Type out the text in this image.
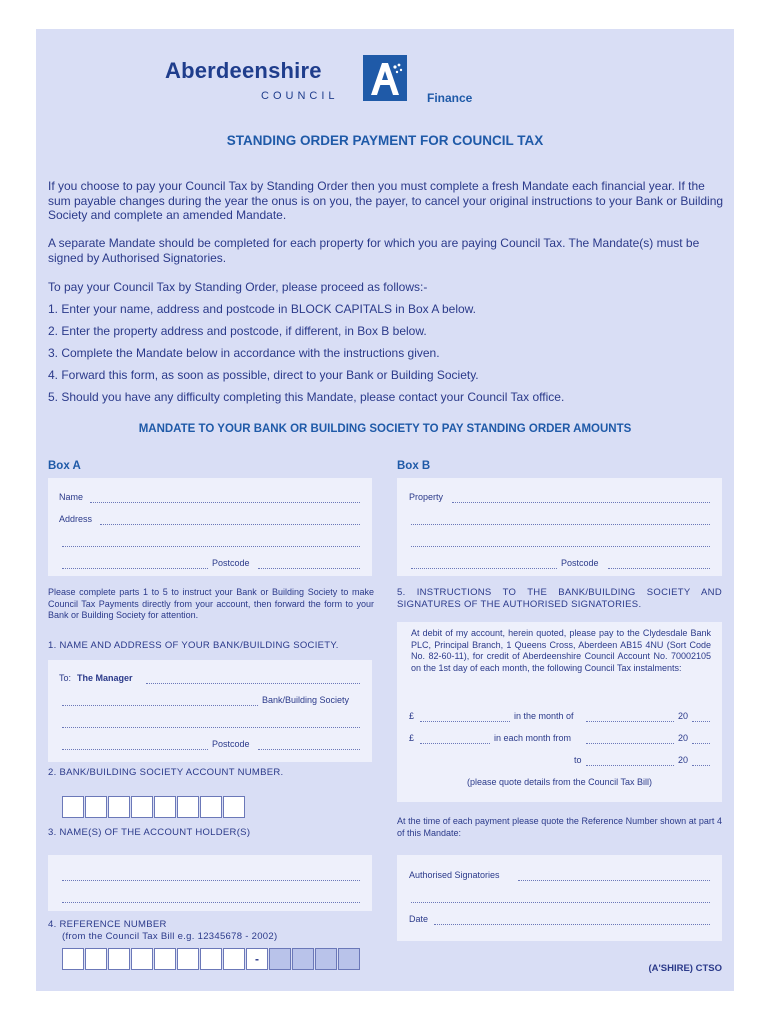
Aberdeenshire
COUNCIL	Finance
STANDING ORDER PAYMENT FOR COUNCIL TAX
If you choose to pay your Council Tax by Standing Order then you must complete a fresh Mandate each financial year. If the sum payable changes during the year the onus is on you, the payer, to cancel your original instructions to your Bank or Building Society and complete an amended Mandate.
A separate Mandate should be completed for each property for which you are paying Council Tax. The Mandate(s) must be signed by Authorised Signatories.
To pay your Council Tax by Standing Order, please proceed as follows:-
1. Enter your name, address and postcode in BLOCK CAPITALS in Box A below.
2. Enter the property address and postcode, if different, in Box B below.
3. Complete the Mandate below in accordance with the instructions given.
4. Forward this form, as soon as possible, direct to your Bank or Building Society.
5. Should you have any difficulty completing this Mandate, please contact your Council Tax office.
MANDATE TO YOUR BANK OR BUILDING SOCIETY TO PAY STANDING ORDER AMOUNTS
Box A
Name
Address
Postcode
Box B
Property
Postcode
Please complete parts 1 to 5 to instruct your Bank or Building Society to make Council Tax Payments directly from your account, then forward the form to your Bank or Building Society for attention.
1. NAME AND ADDRESS OF YOUR BANK/BUILDING SOCIETY.
To: The Manager
Bank/Building Society
Postcode
2. BANK/BUILDING SOCIETY ACCOUNT NUMBER.
3. NAME(S) OF THE ACCOUNT HOLDER(S)
4. REFERENCE NUMBER
(from the Council Tax Bill e.g. 12345678 - 2002)
-
5. INSTRUCTIONS TO THE BANK/BUILDING SOCIETY AND SIGNATURES OF THE AUTHORISED SIGNATORIES.
At debit of my account, herein quoted, please pay to the Clydesdale Bank PLC, Principal Branch, 1 Queens Cross, Aberdeen AB15 4NU (Sort Code No. 82-60-11), for credit of Aberdeenshire Council Account No. 70002105 on the 1st day of each month, the following Council Tax instalments:
£	in the month of	20
£	in each month from	20
to	20
(please quote details from the Council Tax Bill)
At the time of each payment please quote the Reference Number shown at part 4 of this Mandate:
Authorised Signatories
Date
(A'SHIRE) CTSO
